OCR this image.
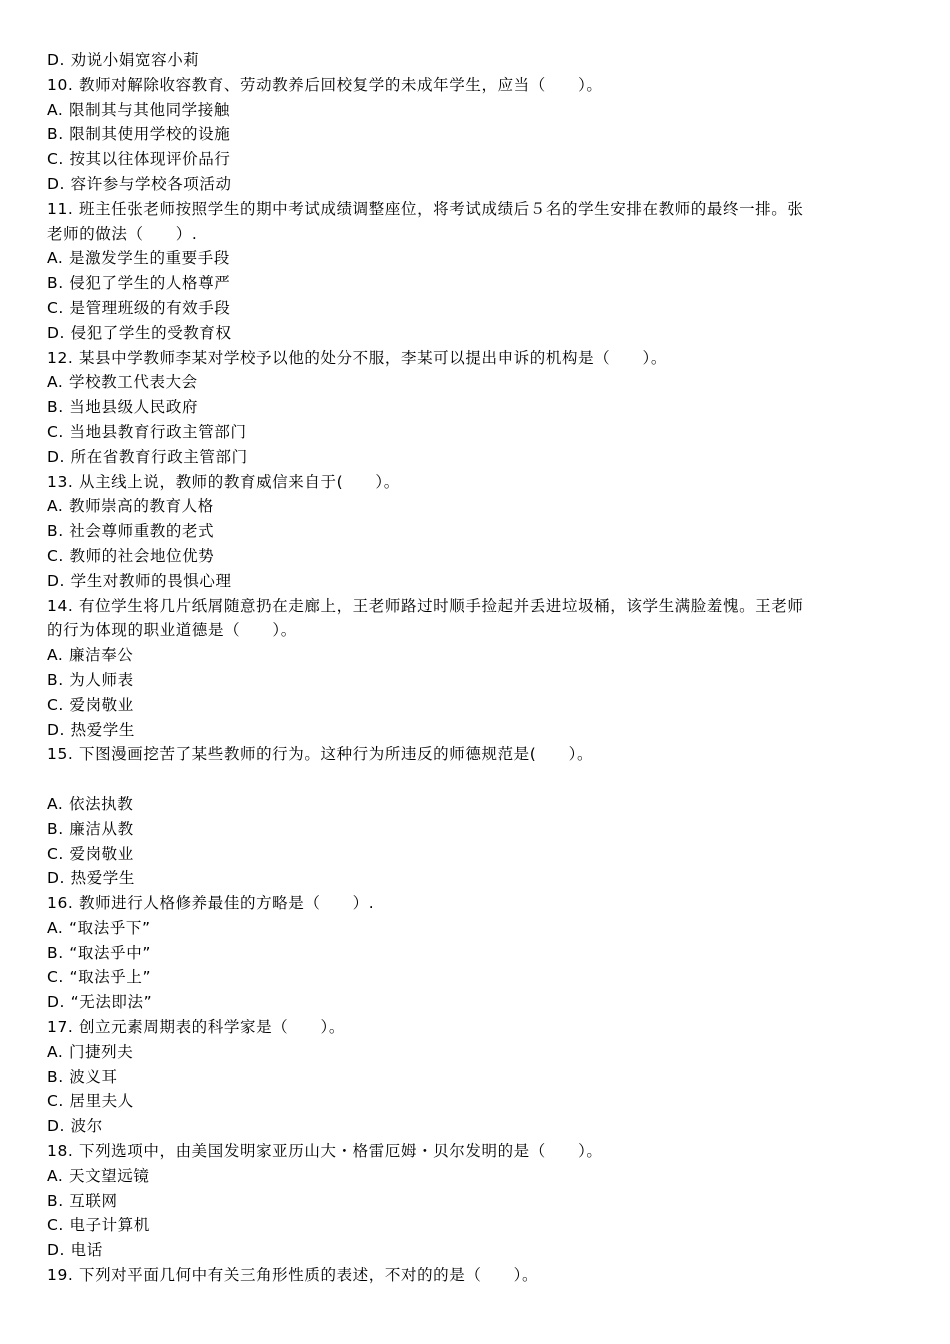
D. 劝说小娟宽容小莉
10. 教师对解除收容教育、劳动教养后回校复学的未成年学生，应当（　　）。
A. 限制其与其他同学接触
B. 限制其使用学校的设施
C. 按其以往体现评价品行
D. 容许参与学校各项活动
11. 班主任张老师按照学生的期中考试成绩调整座位，将考试成绩后５名的学生安排在教师的最终一排。张
老师的做法（　　）.
A. 是激发学生的重要手段
B. 侵犯了学生的人格尊严
C. 是管理班级的有效手段
D. 侵犯了学生的受教育权
12. 某县中学教师李某对学校予以他的处分不服，李某可以提出申诉的机构是（　　）。
A. 学校教工代表大会
B. 当地县级人民政府
C. 当地县教育行政主管部门
D. 所在省教育行政主管部门
13. 从主线上说，教师的教育威信来自于(　　）。
A. 教师崇高的教育人格
B. 社会尊师重教的老式
C. 教师的社会地位优势
D. 学生对教师的畏惧心理
14. 有位学生将几片纸屑随意扔在走廊上，王老师路过时顺手捡起并丢进垃圾桶，该学生满脸羞愧。王老师
的行为体现的职业道德是（　　）。
A. 廉洁奉公
B. 为人师表
C. 爱岗敬业
D. 热爱学生
15. 下图漫画挖苦了某些教师的行为。这种行为所违反的师德规范是(　　）。
A. 依法执教
B. 廉洁从教
C. 爱岗敬业
D. 热爱学生
16. 教师进行人格修养最佳的方略是（　　）.
A. “取法乎下”
B. “取法乎中”
C. “取法乎上”
D. “无法即法”
17. 创立元素周期表的科学家是（　　）。
A. 门捷列夫
B. 波义耳
C. 居里夫人
D. 波尔
18. 下列选项中，由美国发明家亚历山大・格雷厄姆・贝尔发明的是（　　）。
A. 天文望远镜
B. 互联网
C. 电子计算机
D. 电话
19. 下列对平面几何中有关三角形性质的表述，不对的的是（　　）。
